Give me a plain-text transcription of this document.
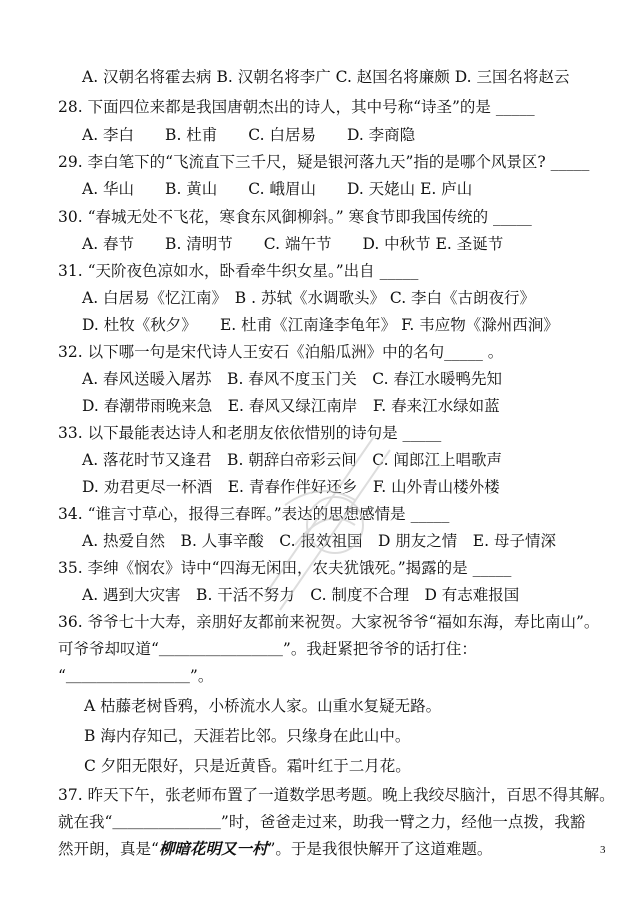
A. 汉朝名将霍去病 B. 汉朝名将李广 C. 赵国名将廉颇 D. 三国名将赵云
28. 下面四位来都是我国唐朝杰出的诗人，其中号称“诗圣”的是 _____
A. 李白　　B. 杜甫　　C. 白居易　　D. 李商隐
29. 李白笔下的“飞流直下三千尺，疑是银河落九天”指的是哪个风景区? _____
A. 华山　　B. 黄山　　C. 峨眉山　　D. 天姥山 E. 庐山
30. “春城无处不飞花，寒食东风御柳斜。” 寒食节即我国传统的 _____
A. 春节　　B. 清明节　　C. 端午节　　D. 中秋节 E. 圣诞节
31. “天阶夜色凉如水，卧看牵牛织女星。”出自 _____
A. 白居易《忆江南》　B . 苏轼《水调歌头》 C. 李白《古朗夜行》
D. 杜牧《秋夕》　　E. 杜甫《江南逢李龟年》 F. 韦应物《滁州西涧》
32. 以下哪一句是宋代诗人王安石《泊船瓜洲》中的名句_____ 。
A. 春风送暖入屠苏　B. 春风不度玉门关　C. 春江水暖鸭先知
D. 春潮带雨晚来急　E. 春风又绿江南岸　F. 春来江水绿如蓝
33. 以下最能表达诗人和老朋友依依惜别的诗句是 _____
A. 落花时节又逢君　B. 朝辞白帝彩云间　C. 闻郎江上唱歌声
D. 劝君更尽一杯酒　E. 青春作伴好还乡　F. 山外青山楼外楼
34. “谁言寸草心，报得三春晖。”表达的思想感情是 _____
A. 热爱自然　B. 人事辛酸　C. 报效祖国　D 朋友之情　E. 母子情深
35. 李绅《悯农》诗中“四海无闲田，农夫犹饿死。”揭露的是 _____
A. 遇到大灾害　B. 干活不努力　C. 制度不合理　D 有志难报国
36. 爷爷七十大寿，亲朋好友都前来祝贺。大家祝爷爷“福如东海，寿比南山”。
可爷爷却叹道“＿＿＿＿＿＿＿＿”。我赶紧把爷爷的话打住：
“＿＿＿＿＿＿＿＿”。
A 枯藤老树昏鸦，小桥流水人家。山重水复疑无路。
B 海内存知己，天涯若比邻。只缘身在此山中。
C 夕阳无限好，只是近黄昏。霜叶红于二月花。
37. 昨天下午，张老师布置了一道数学思考题。晚上我绞尽脑汁，百思不得其解。
就在我“＿＿＿＿＿＿＿”时，爸爸走过来，助我一臂之力，经他一点拨，我豁
然开朗，真是“柳暗花明又一村”。于是我很快解开了这道难题。	3
